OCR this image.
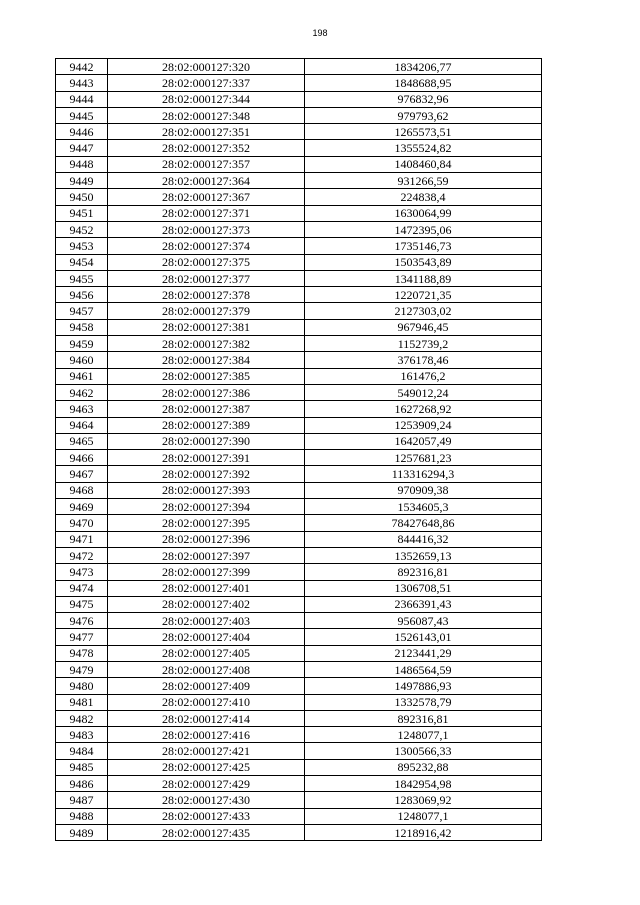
198
9442	28:02:000127:320	1834206,77
9443	28:02:000127:337	1848688,95
9444	28:02:000127:344	976832,96
9445	28:02:000127:348	979793,62
9446	28:02:000127:351	1265573,51
9447	28:02:000127:352	1355524,82
9448	28:02:000127:357	1408460,84
9449	28:02:000127:364	931266,59
9450	28:02:000127:367	224838,4
9451	28:02:000127:371	1630064,99
9452	28:02:000127:373	1472395,06
9453	28:02:000127:374	1735146,73
9454	28:02:000127:375	1503543,89
9455	28:02:000127:377	1341188,89
9456	28:02:000127:378	1220721,35
9457	28:02:000127:379	2127303,02
9458	28:02:000127:381	967946,45
9459	28:02:000127:382	1152739,2
9460	28:02:000127:384	376178,46
9461	28:02:000127:385	161476,2
9462	28:02:000127:386	549012,24
9463	28:02:000127:387	1627268,92
9464	28:02:000127:389	1253909,24
9465	28:02:000127:390	1642057,49
9466	28:02:000127:391	1257681,23
9467	28:02:000127:392	113316294,3
9468	28:02:000127:393	970909,38
9469	28:02:000127:394	1534605,3
9470	28:02:000127:395	78427648,86
9471	28:02:000127:396	844416,32
9472	28:02:000127:397	1352659,13
9473	28:02:000127:399	892316,81
9474	28:02:000127:401	1306708,51
9475	28:02:000127:402	2366391,43
9476	28:02:000127:403	956087,43
9477	28:02:000127:404	1526143,01
9478	28:02:000127:405	2123441,29
9479	28:02:000127:408	1486564,59
9480	28:02:000127:409	1497886,93
9481	28:02:000127:410	1332578,79
9482	28:02:000127:414	892316,81
9483	28:02:000127:416	1248077,1
9484	28:02:000127:421	1300566,33
9485	28:02:000127:425	895232,88
9486	28:02:000127:429	1842954,98
9487	28:02:000127:430	1283069,92
9488	28:02:000127:433	1248077,1
9489	28:02:000127:435	1218916,42
